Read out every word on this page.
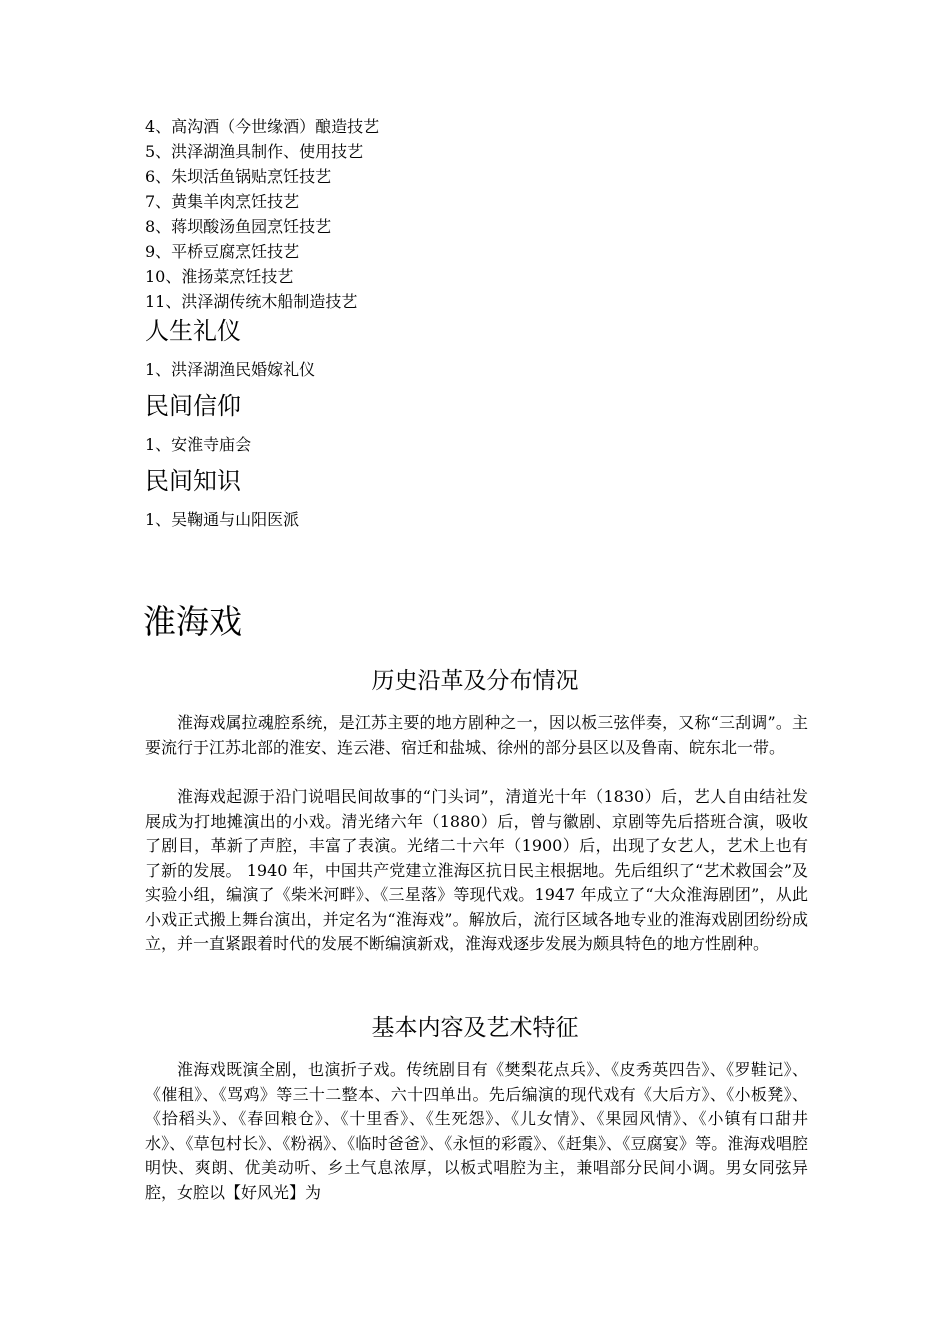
4、高沟酒（今世缘酒）酿造技艺
5、洪泽湖渔具制作、使用技艺
6、朱坝活鱼锅贴烹饪技艺
7、黄集羊肉烹饪技艺
8、蒋坝酸汤鱼园烹饪技艺
9、平桥豆腐烹饪技艺
10、淮扬菜烹饪技艺
11、洪泽湖传统木船制造技艺
人生礼仪
1、洪泽湖渔民婚嫁礼仪
民间信仰
1、安淮寺庙会
民间知识
1、吴鞠通与山阳医派
淮海戏
历史沿革及分布情况
淮海戏属拉魂腔系统，是江苏主要的地方剧种之一，因以板三弦伴奏，又称“三刮调”。主要流行于江苏北部的淮安、连云港、宿迁和盐城、徐州的部分县区以及鲁南、皖东北一带。
淮海戏起源于沿门说唱民间故事的“门头词”，清道光十年（1830）后，艺人自由结社发展成为打地摊演出的小戏。清光绪六年（1880）后，曾与徽剧、京剧等先后搭班合演，吸收了剧目，革新了声腔，丰富了表演。光绪二十六年（1900）后，出现了女艺人，艺术上也有了新的发展。 1940 年，中国共产党建立淮海区抗日民主根据地。先后组织了“艺术救国会”及实验小组，编演了《柴米河畔》、《三星落》等现代戏。1947 年成立了“大众淮海剧团”，从此小戏正式搬上舞台演出，并定名为“淮海戏”。解放后，流行区域各地专业的淮海戏剧团纷纷成立，并一直紧跟着时代的发展不断编演新戏，淮海戏逐步发展为颇具特色的地方性剧种。
基本内容及艺术特征
淮海戏既演全剧，也演折子戏。传统剧目有《樊梨花点兵》、《皮秀英四告》、《罗鞋记》、《催租》、《骂鸡》等三十二整本、六十四单出。先后编演的现代戏有《大后方》、《小板凳》、《拾稻头》、《春回粮仓》、《十里香》、《生死怨》、《儿女情》、《果园风情》、《小镇有口甜井水》、《草包村长》、《粉祸》、《临时爸爸》、《永恒的彩霞》、《赶集》、《豆腐宴》等。淮海戏唱腔明快、爽朗、优美动听、乡土气息浓厚，以板式唱腔为主，兼唱部分民间小调。男女同弦异腔，女腔以【好风光】为
